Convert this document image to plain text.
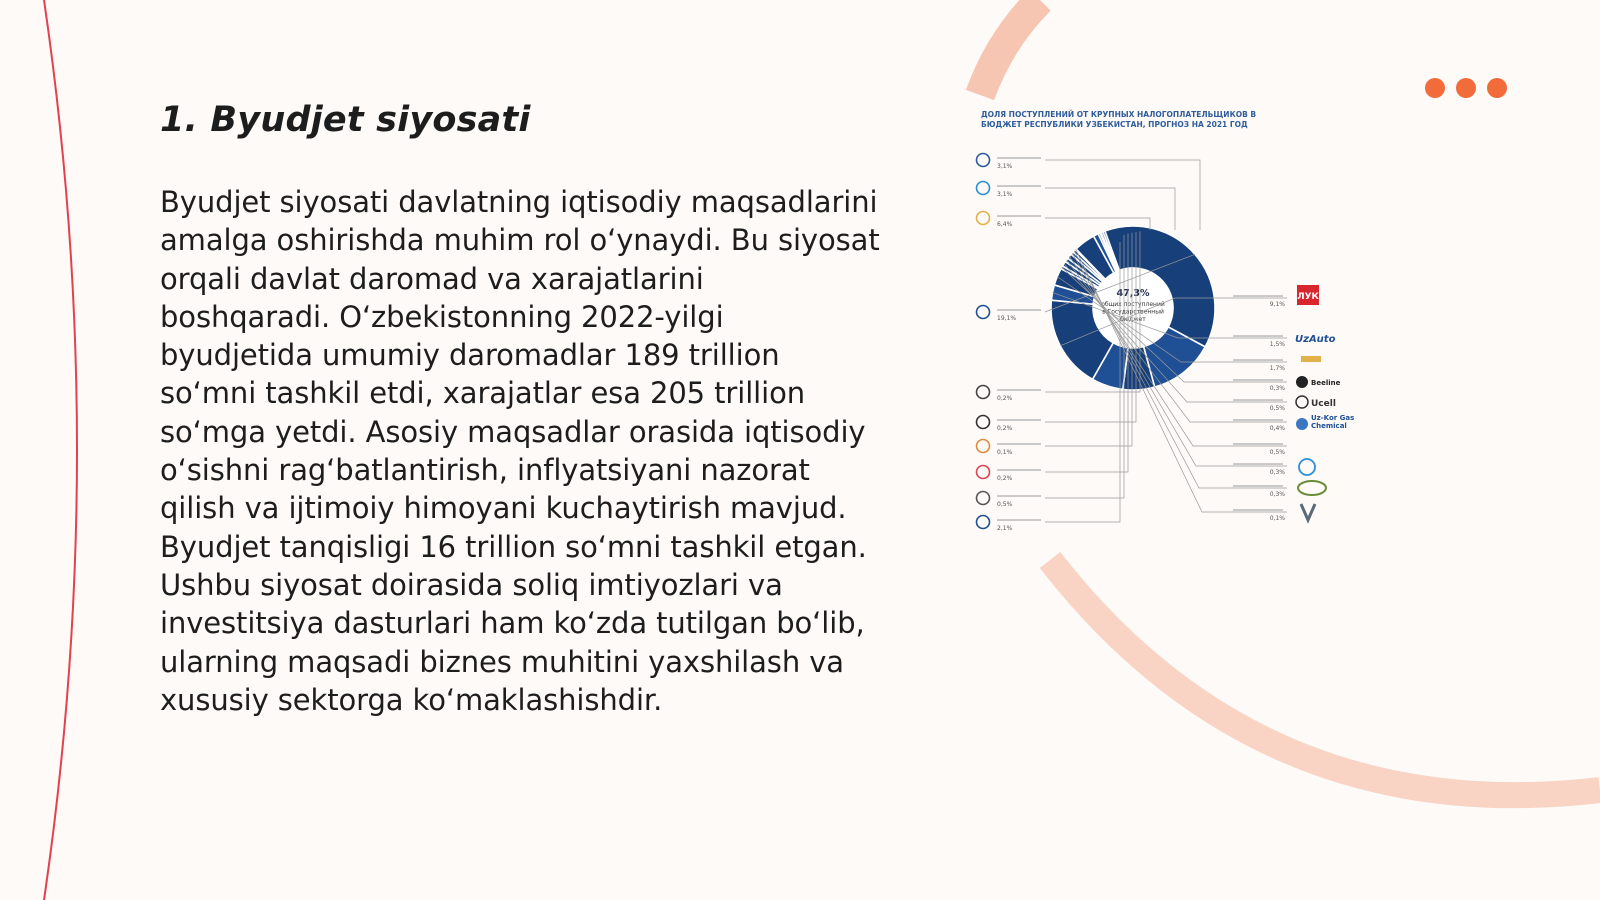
1. Byudjet siyosati

Byudjet siyosati davlatning iqtisodiy maqsadlarini amalga oshirishda muhim rol oʻynaydi. Bu siyosat orqali davlat daromad va xarajatlarini boshqaradi. Oʻzbekistonning 2022-yilgi byudjetida umumiy daromadlar 189 trillion soʻmni tashkil etdi, xarajatlar esa 205 trillion soʻmga yetdi. Asosiy maqsadlar orasida iqtisodiy oʻsishni ragʻbatlantirish, inflyatsiyani nazorat qilish va ijtimoiy himoyani kuchaytirish mavjud. Byudjet tanqisligi 16 trillion soʻmni tashkil etgan. Ushbu siyosat doirasida soliq imtiyozlari va investitsiya dasturlari ham koʻzda tutilgan boʻlib, ularning maqsadi biznes muhitini yaxshilash va xususiy sektorga koʻmaklashishdir.

ДОЛЯ ПОСТУПЛЕНИЙ ОТ КРУПНЫХ НАЛОГОПЛАТЕЛЬЩИКОВ В БЮДЖЕТ РЕСПУБЛИКИ УЗБЕКИСТАН, ПРОГНОЗ НА 2021 ГОД

47,3%
общих поступлений
в Государственный
бюджет
3,1%
3,1%
6,4%
19,1%
0,2%
0,2%
0,1%
0,2%
0,5%
2,1%
9,1%
1,5%
1,7%
0,3%
0,5%
0,4%
0,5%
0,3%
0,3%
0,1%
ЛУК
UzAuto
Beeline
Ucell
Uz-Kor Gas
Chemical
